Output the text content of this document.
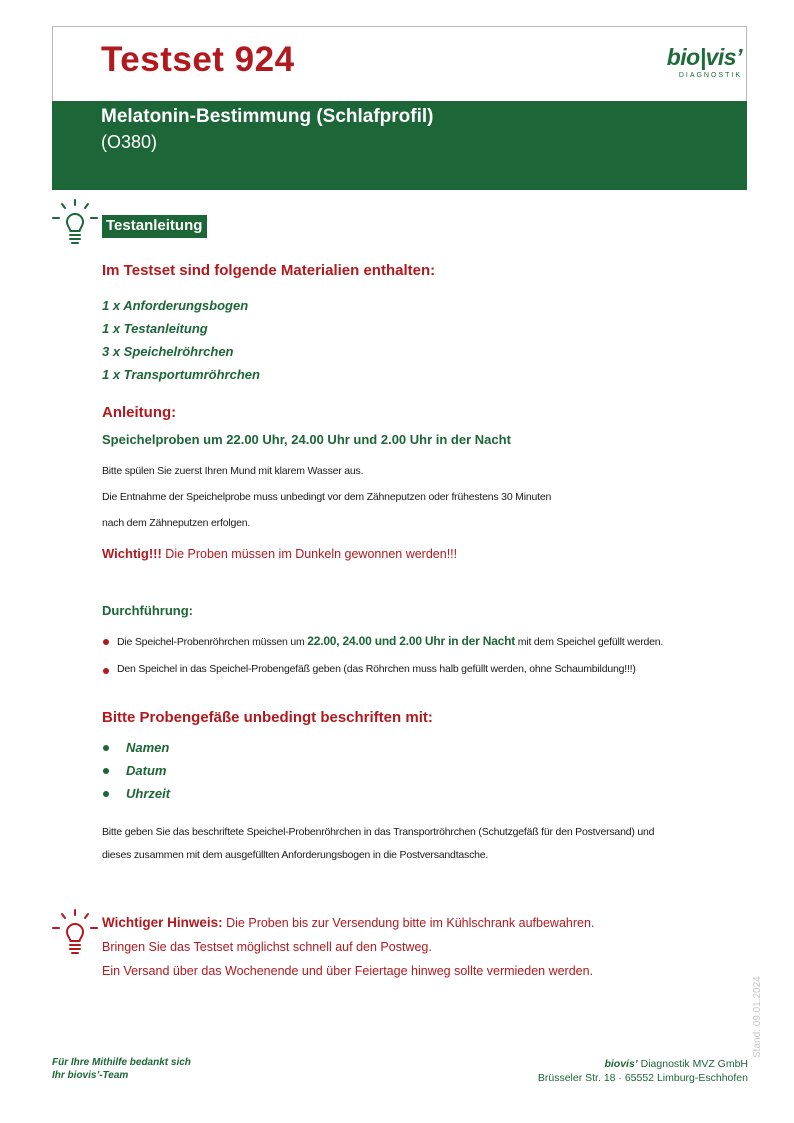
Testset 924	bio|vis’
DIAGNOSTIK
Melatonin-Bestimmung (Schlafprofil)
(O380)
Testanleitung
Im Testset sind folgende Materialien enthalten:
1 x Anforderungsbogen
1 x Testanleitung
3 x Speichelröhrchen
1 x Transportumröhrchen
Anleitung:
Speichelproben um 22.00 Uhr, 24.00 Uhr und 2.00 Uhr in der Nacht
Bitte spülen Sie zuerst Ihren Mund mit klarem Wasser aus.
Die Entnahme der Speichelprobe muss unbedingt vor dem Zähneputzen oder frühestens 30 Minuten
nach dem Zähneputzen erfolgen.
Wichtig!!! Die Proben müssen im Dunkeln gewonnen werden!!!
Durchführung:
Die Speichel-Probenröhrchen müssen um 22.00, 24.00 und 2.00 Uhr in der Nacht mit dem Speichel gefüllt werden.
Den Speichel in das Speichel-Probengefäß geben (das Röhrchen muss halb gefüllt werden, ohne Schaumbildung!!!)
Bitte Probengefäße unbedingt beschriften mit:
Namen
Datum
Uhrzeit
Bitte geben Sie das beschriftete Speichel-Probenröhrchen in das Transportröhrchen (Schutzgefäß für den Postversand) und
dieses zusammen mit dem ausgefüllten Anforderungsbogen in die Postversandtasche.
Wichtiger Hinweis: Die Proben bis zur Versendung bitte im Kühlschrank aufbewahren.
Bringen Sie das Testset möglichst schnell auf den Postweg.
Ein Versand über das Wochenende und über Feiertage hinweg sollte vermieden werden.
Stand: 09.01.2024
Für Ihre Mithilfe bedankt sich
Ihr biovis’-Team
biovis’ Diagnostik MVZ GmbH
Brüsseler Str. 18 · 65552 Limburg-Eschhofen
